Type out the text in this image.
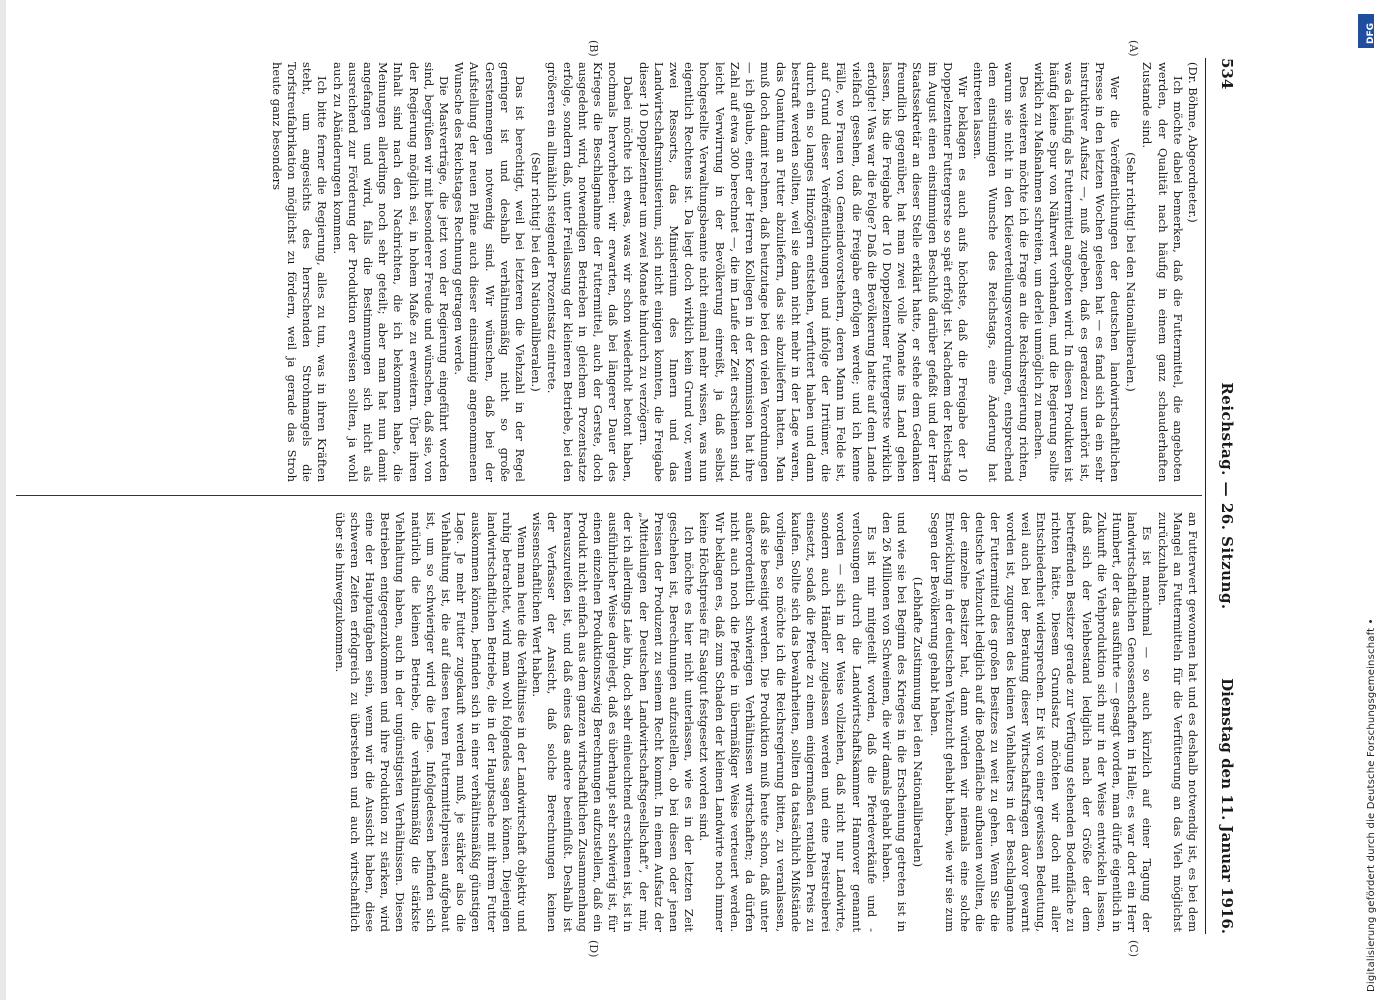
534
Reichstag. — 26. Sitzung.
Dienstag den 11. Januar 1916.
(A)
(B)
(C)
(D)

(Dr. Böhme, Abgeordneter.)

Ich möchte dabei bemerken, daß die Futtermittel, die angeboten werden, der Qualität nach häufig in einem ganz schauderhaften Zustande sind.

(Sehr richtig! bei den Nationalliberalen.)

Wer die Veröffentlichungen der deutschen landwirtschaftlichen Presse in den letzten Wochen gelesen hat — es fand sich da ein sehr instruktiver Aufsatz —, muß zugeben, daß es geradezu unerhört ist, was da häufig als Futtermittel angeboten wird. In diesen Produkten ist häufig keine Spur von Nährwert vorhanden, und die Regierung sollte wirklich zu Maßnahmen schreiten, um derlei unmöglich zu machen.

Des weiteren möchte ich die Frage an die Reichsregierung richten, warum sie nicht in den Kleieverteilungsverordnungen, entsprechend dem einstimmigen Wunsche des Reichstags, eine Änderung hat eintreten lassen.

Wir beklagen es auch aufs höchste, daß die Freigabe der 10 Doppelzentner Futtergerste so spät erfolgt ist. Nachdem der Reichstag im August einen einstimmigen Beschluß darüber gefaßt und der Herr Staatssekretär an dieser Stelle erklärt hatte, er stehe dem Gedanken freundlich gegenüber, hat man zwei volle Monate ins Land gehen lassen, bis die Freigabe der 10 Doppelzentner Futtergerste wirklich erfolgte! Was war die Folge? Daß die Bevölkerung hatte auf dem Lande vielfach gesehen, daß die Freigabe erfolgen werde; und ich kenne Fälle, wo Frauen von Gemeindevorstehern, deren Mann im Felde ist, auf Grund dieser Veröffentlichungen und infolge der Irrtümer, die durch ein so langes Hinzögern entstehen, verfuttert haben und dann bestraft werden sollten, weil sie dann nicht mehr in der Lage waren, das Quantum an Futter abzuliefern, das sie abzuliefern hatten. Man muß doch damit rechnen, daß heutzutage bei den vielen Verordnungen — ich glaube, einer der Herren Kollegen in der Kommission hat ihre Zahl auf etwa 300 berechnet —, die im Laufe der Zeit erschienen sind, leicht Verwirrung in der Bevölkerung einreißt, ja daß selbst hochgestellte Verwaltungsbeamte nicht einmal mehr wissen, was nun eigentlich Rechtens ist. Da liegt doch wirklich kein Grund vor, wenn zwei Ressorts, das Ministerium des Innern und das Landwirtschaftsministerium, sich nicht einigen konnten, die Freigabe dieser 10 Doppelzentner um zwei Monate hindurch zu verzögern.

Dabei möchte ich etwas, was wir schon wiederholt betont haben, nochmals hervorheben: wir erwarten, daß bei längerer Dauer des Krieges die Beschlagnahme der Futtermittel, auch der Gerste, doch ausgedehnt wird, notwendigen Betrieben in gleichem Prozentsatze erfolge, sondern daß, unter Freilassung der kleineren Betriebe, bei den größeren ein allmählich steigender Prozentsatz eintrete.

(Sehr richtig! bei den Nationalliberalen.)

Das ist berechtigt, weil bei letzteren die Viehzahl in der Regel geringer ist und deshalb verhältnismäßig nicht so große Gerstenmengen notwendig sind. Wir wünschen, daß bei der Aufstellung der neuen Pläne auch dieser einstimmig angenommenen Wunsche des Reichstages Rechnung getragen werde.

Die Mastverträge, die jetzt von der Regierung eingeführt worden sind, begrüßen wir mit besonderer Freude und wünschen, daß sie, von der Regierung möglich sei, in hohem Maße zu erweitern. Über ihren Inhalt sind nach den Nachrichten, die ich bekommen habe, die Meinungen allerdings noch sehr geteilt; aber man hat nun damit angefangen und wird, falls die Bestimmungen sich nicht als ausreichend zur Förderung der Produktion erweisen sollten, ja wohl auch zu Abänderungen kommen.

Ich bitte ferner die Regierung, alles zu tun, was in ihren Kräften steht, um angesichts des herrschenden Strohmangels die Torfstreufabrikation möglichst zu fördern, weil ja gerade das Stroh heute ganz besonders

an Futterwert gewonnen hat und es deshalb notwendig ist, es bei dem Mangel an Futtermitteln für die Verfütterung an das Vieh möglichst zurückzuhalten.

Es ist manchmal — so auch kürzlich auf einer Tagung der landwirtschaftlichen Genossenschaften in Halle; es war dort ein Herr Humbert, der das ausführte — gesagt worden, man dürfe eigentlich in Zukunft die Viehproduktion sich nur in der Weise entwickeln lassen, daß sich der Viehbestand lediglich nach der Größe der dem betreffenden Besitzer gerade zur Verfügung stehenden Bodenfläche zu richten hätte. Diesem Grundsatz möchten wir doch mit aller Entschiedenheit widersprechen. Er ist von einer gewissen Bedeutung, weil auch bei der Beratung dieser Wirtschaftsfragen davor gewarnt worden ist, zugunsten des kleinen Viehhalters in der Beschlagnahme der Futtermittel des großen Besitzes zu weit zu gehen. Wenn Sie die deutsche Viehzucht lediglich auf die Bodenfläche aufbauen wollten, die der einzelne Besitzer hat, dann würden wir niemals eine solche Entwicklung in der deutschen Viehzucht gehabt haben, wie wir sie zum Segen der Bevölkerung gehabt haben.

(Lebhafte Zustimmung bei den Nationalliberalen)

und wie sie bei Beginn des Krieges in die Erscheinung getreten ist in den 26 Millionen von Schweinen, die wir damals gehabt haben.

Es ist mir mitgeteilt worden, daß die Pferdeverkäufe und -verlosungen durch die Landwirtschaftskammer Hannover genannt worden — sich in der Weise vollziehen, daß nicht nur Landwirte, sondern auch Händler zugelassen werden und eine Preistreiberei einsetzt, sodaß die Pferde zu einem einigermaßen rentablen Preis zu kaufen. Sollte sich das bewahrheiten, sollten da tatsächlich Mißstände vorliegen, so möchte ich die Reichsregierung bitten, zu veranlassen, daß sie beseitigt werden. Die Produktion muß heute schon, daß unter außerordentlich schwierigen Verhältnissen wirtschaften; da dürfen nicht auch noch die Pferde in übermäßiger Weise verteuert werden. Wir beklagen es, daß zum Schaden der kleinen Landwirte noch immer keine Höchstpreise für Saatgut festgesetzt worden sind.

Ich möchte es hier nicht unterlassen, wie es in der letzten Zeit geschehen ist, Berechnungen aufzustellen, ob bei diesen oder jenen Preisen der Produzent zu seinem Recht kommt. In einem Aufsatz der „Mitteilungen der Deutschen Landwirtschaftsgesellschaft“, der mir, der ich allerdings Laie bin, doch sehr einleuchtend erschienen ist, ist in ausführlicher Weise dargelegt, daß es überhaupt sehr schwierig ist, für einen einzelnen Produktionszweig Berechnungen aufzustellen, daß ein Produkt nicht einfach aus dem ganzen wirtschaftlichen Zusammenhang herauszureißen ist, und daß eines das andere beeinflußt. Deshalb ist der Verfasser der Ansicht, daß solche Berechnungen keinen wissenschaftlichen Wert haben.

Wenn man heute die Verhältnisse in der Landwirtschaft objektiv und ruhig betrachtet, wird man wohl folgendes sagen können. Diejenigen landwirtschaftlichen Betriebe, die in der Hauptsache mit ihrem Futter auskommen können, befinden sich in einer verhältnismäßig günstigen Lage. Je mehr Futter zugekauft werden muß, je stärker also die Viehhaltung ist, die auf diesen teuren Futtermittelpreisen aufgebaut ist, um so schwieriger wird die Lage. Infolgedessen befinden sich natürlich die kleinen Betriebe, die verhältnismäßig die stärkste Viehhaltung haben, auch in der ungünstigsten Verhältnissen. Diesen Betrieben entgegenzukommen und ihre Produktion zu stärken, wird eine der Hauptaufgaben sein, wenn wir die Aussicht haben, diese schweren Zeiten erfolgreich zu überstehen und auch wirtschaftlich über sie hinwegzukommen.

DFG
Digitalisierung gefördert durch die Deutsche Forschungsgemeinschaft •
